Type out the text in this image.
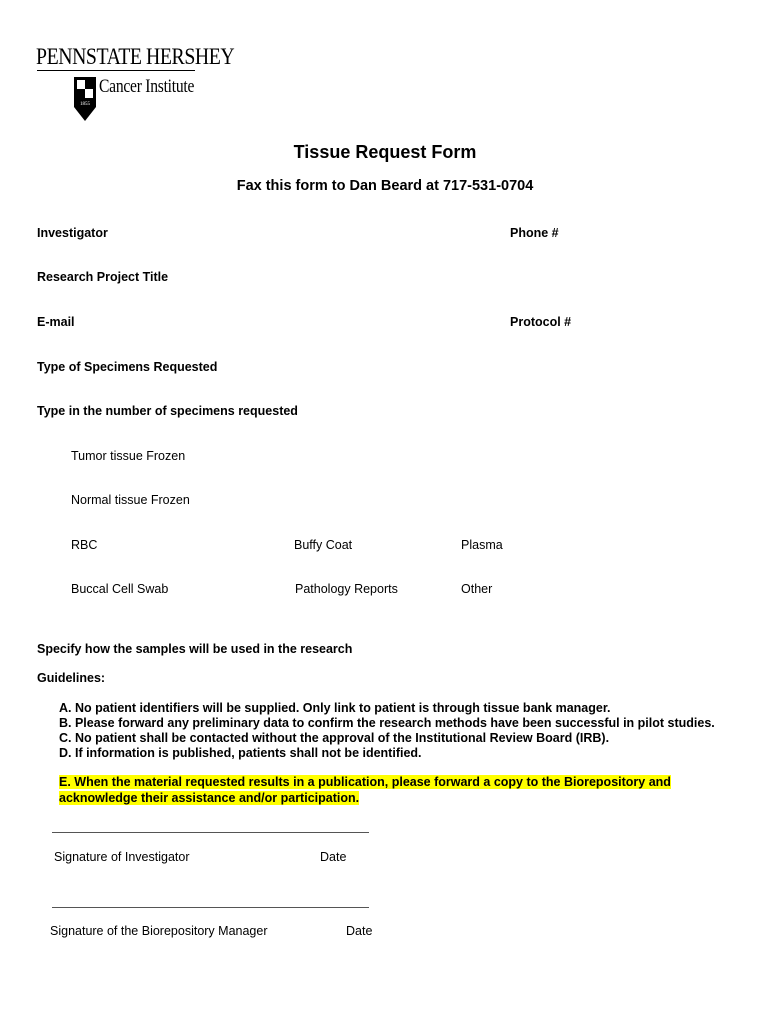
PENNSTATE HERSHEY
1855
Cancer Institute
Tissue Request Form
Fax this form to Dan Beard at 717-531-0704
Investigator	Phone #
Research Project Title
E-mail	Protocol #
Type of Specimens Requested
Type in the number of specimens requested
Tumor tissue Frozen
Normal tissue Frozen
RBC	Buffy Coat	Plasma
Buccal Cell Swab	Pathology Reports	Other
Specify how the samples will be used in the research
Guidelines:
A. No patient identifiers will be supplied. Only link to patient is through tissue bank manager.
B. Please forward any preliminary data to confirm the research methods have been successful in pilot studies.
C. No patient shall be contacted without the approval of the Institutional Review Board (IRB).
D. If information is published, patients shall not be identified.
E. When the material requested results in a publication, please forward a copy to the Biorepository and
acknowledge their assistance and/or participation.
Signature of Investigator	Date
Signature of the Biorepository Manager	Date
